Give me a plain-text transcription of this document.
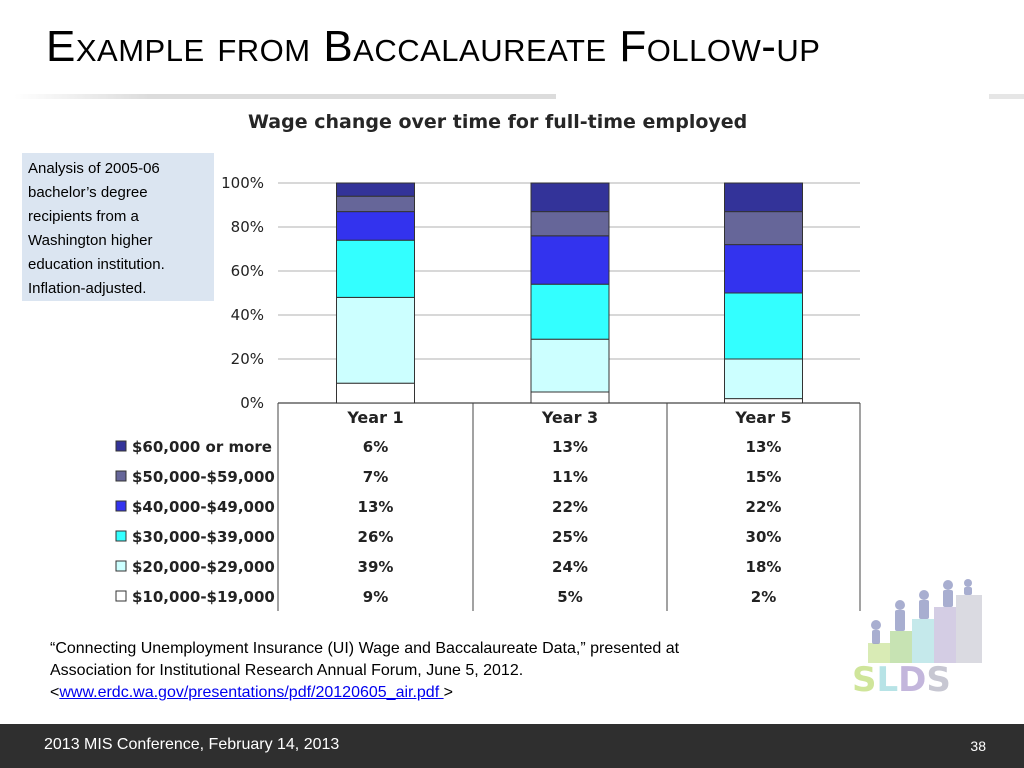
Example from Baccalaureate Follow-up
Analysis of 2005-06 bachelor’s degree recipients from a Washington higher education institution. Inflation-adjusted.
Wage change over time for full-time employed
0%
20%
40%
60%
80%
100%
Year 1	Year 3	Year 5
$60,000 or more	6%	13%	13%
$50,000-$59,000	7%	11%	15%
$40,000-$49,000	13%	22%	22%
$30,000-$39,000	26%	25%	30%
$20,000-$29,000	39%	24%	18%
$10,000-$19,000	9%	5%	2%
“Connecting Unemployment Insurance (UI) Wage and Baccalaureate Data,” presented at
Association for Institutional Research Annual Forum, June 5, 2012.
<www.erdc.wa.gov/presentations/pdf/20120605_air.pdf >	SLDS
2013 MIS Conference, February 14, 2013	38
